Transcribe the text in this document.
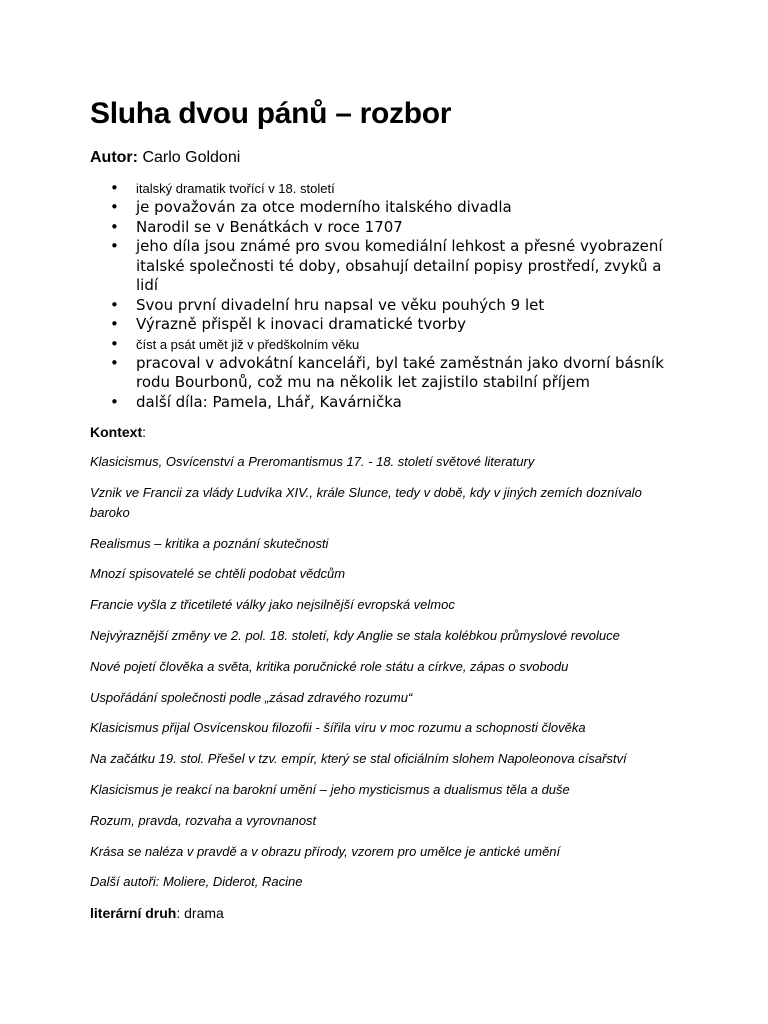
Sluha dvou pánů – rozbor

Autor: Carlo Goldoni

• italský dramatik tvořící v 18. století
• je považován za otce moderního italského divadla
• Narodil se v Benátkách v roce 1707
• jeho díla jsou známé pro svou komediální lehkost a přesné vyobrazení italské společnosti té doby, obsahují detailní popisy prostředí, zvyků a lidí
• Svou první divadelní hru napsal ve věku pouhých 9 let
• Výrazně přispěl k inovaci dramatické tvorby
• číst a psát umět již v předškolním věku
• pracoval v advokátní kanceláři, byl také zaměstnán jako dvorní básník rodu Bourbonů, což mu na několik let zajistilo stabilní příjem
• další díla: Pamela, Lhář, Kavárnička

Kontext:

Klasicismus, Osvícenství a Preromantismus 17. - 18. století světové literatury

Vznik ve Francii za vlády Ludvíka XIV., krále Slunce, tedy v době, kdy v jiných zemích doznívalo baroko

Realismus – kritika a poznání skutečnosti

Mnozí spisovatelé se chtěli podobat vědcům

Francie vyšla z třicetileté války jako nejsilnější evropská velmoc

Nejvýraznější změny ve 2. pol. 18. století, kdy Anglie se stala kolébkou průmyslové revoluce

Nové pojetí člověka a světa, kritika poručnické role státu a církve, zápas o svobodu

Uspořádání společnosti podle „zásad zdravého rozumu“

Klasicismus přijal Osvícenskou filozofii - šířila víru v moc rozumu a schopnosti člověka

Na začátku 19. stol. Přešel v tzv. empír, který se stal oficiálním slohem Napoleonova císařství

Klasicismus je reakcí na barokní umění – jeho mysticismus a dualismus těla a duše

Rozum, pravda, rozvaha a vyrovnanost

Krása se naléza v pravdě a v obrazu přírody, vzorem pro umělce je antické umění

Další autoři: Moliere, Diderot, Racine

literární druh: drama
